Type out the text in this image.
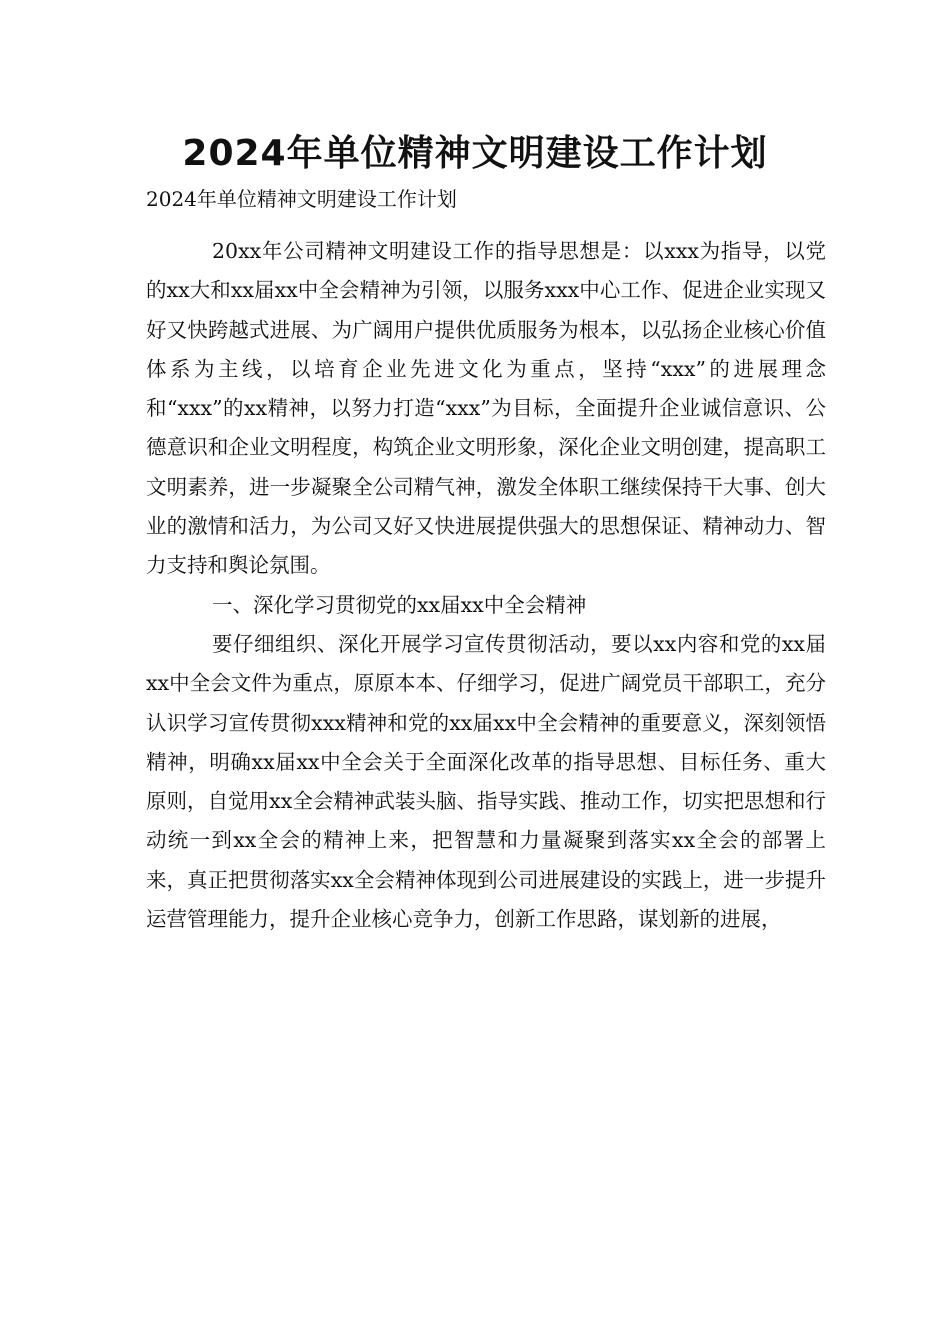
2024年单位精神文明建设工作计划

2024年单位精神文明建设工作计划

20xx年公司精神文明建设工作的指导思想是：以xxx为指导，以党的xx大和xx届xx中全会精神为引领，以服务xxx中心工作、促进企业实现又好又快跨越式进展、为广阔用户提供优质服务为根本，以弘扬企业核心价值体系为主线，以培育企业先进文化为重点，坚持“xxx”的进展理念和“xxx”的xx精神，以努力打造“xxx”为目标，全面提升企业诚信意识、公德意识和企业文明程度，构筑企业文明形象，深化企业文明创建，提高职工文明素养，进一步凝聚全公司精气神，激发全体职工继续保持干大事、创大业的激情和活力，为公司又好又快进展提供强大的思想保证、精神动力、智力支持和舆论氛围。

一、深化学习贯彻党的xx届xx中全会精神

要仔细组织、深化开展学习宣传贯彻活动，要以xx内容和党的xx届xx中全会文件为重点，原原本本、仔细学习，促进广阔党员干部职工，充分认识学习宣传贯彻xxx精神和党的xx届xx中全会精神的重要意义，深刻领悟精神，明确xx届xx中全会关于全面深化改革的指导思想、目标任务、重大原则，自觉用xx全会精神武装头脑、指导实践、推动工作，切实把思想和行动统一到xx全会的精神上来，把智慧和力量凝聚到落实xx全会的部署上来，真正把贯彻落实xx全会精神体现到公司进展建设的实践上，进一步提升运营管理能力，提升企业核心竞争力，创新工作思路，谋划新的进展，
